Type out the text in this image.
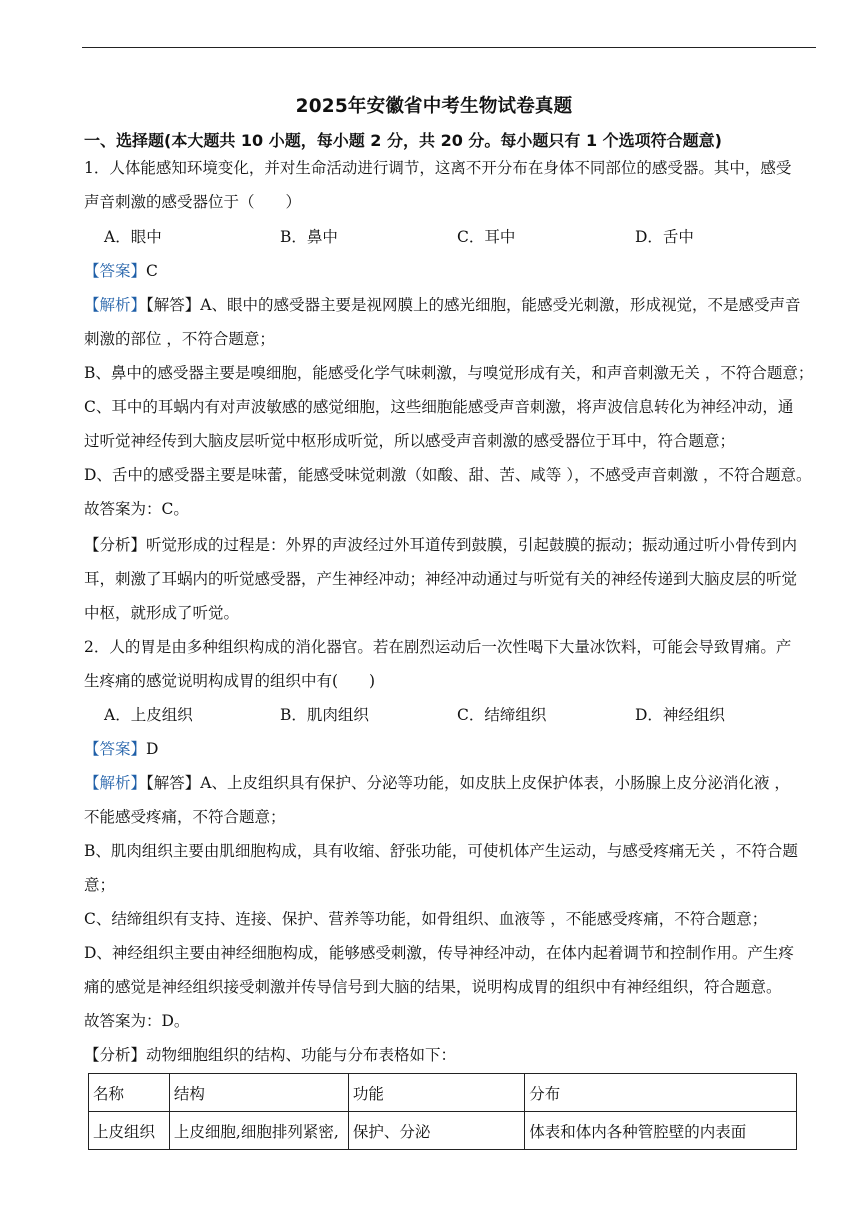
2025年安徽省中考生物试卷真题
一、选择题(本大题共 10 小题，每小题 2 分，共 20 分。每小题只有 1 个选项符合题意)
1．人体能感知环境变化，并对生命活动进行调节，这离不开分布在身体不同部位的感受器。其中，感受
声音刺激的感受器位于（　　）
A．眼中	B．鼻中	C．耳中	D．舌中
【答案】C
【解析】【解答】A、眼中的感受器主要是视网膜上的感光细胞，能感受光刺激，形成视觉，不是感受声音
刺激的部位 ，不符合题意；
B、鼻中的感受器主要是嗅细胞，能感受化学气味刺激，与嗅觉形成有关，和声音刺激无关 ，不符合题意；
C、耳中的耳蜗内有对声波敏感的感觉细胞，这些细胞能感受声音刺激，将声波信息转化为神经冲动，通
过听觉神经传到大脑皮层听觉中枢形成听觉，所以感受声音刺激的感受器位于耳中，符合题意；
D、舌中的感受器主要是味蕾，能感受味觉刺激（如酸、甜、苦、咸等 ），不感受声音刺激 ，不符合题意。
故答案为：C。
【分析】听觉形成的过程是：外界的声波经过外耳道传到鼓膜，引起鼓膜的振动；振动通过听小骨传到内
耳，刺激了耳蜗内的听觉感受器，产生神经冲动；神经冲动通过与听觉有关的神经传递到大脑皮层的听觉
中枢，就形成了听觉。
2．人的胃是由多种组织构成的消化器官。若在剧烈运动后一次性喝下大量冰饮料，可能会导致胃痛。产
生疼痛的感觉说明构成胃的组织中有(　　)
A．上皮组织	B．肌肉组织	C．结缔组织	D．神经组织
【答案】D
【解析】【解答】A、上皮组织具有保护、分泌等功能，如皮肤上皮保护体表，小肠腺上皮分泌消化液 ，
不能感受疼痛，不符合题意；
B、肌肉组织主要由肌细胞构成，具有收缩、舒张功能，可使机体产生运动，与感受疼痛无关 ，不符合题
意；
C、结缔组织有支持、连接、保护、营养等功能，如骨组织、血液等 ，不能感受疼痛，不符合题意；
D、神经组织主要由神经细胞构成，能够感受刺激，传导神经冲动，在体内起着调节和控制作用。产生疼
痛的感觉是神经组织接受刺激并传导信号到大脑的结果，说明构成胃的组织中有神经组织，符合题意。
故答案为：D。
【分析】动物细胞组织的结构、功能与分布表格如下：
名称	结构	功能	分布
上皮组织	上皮细胞,细胞排列紧密,	保护、分泌	体表和体内各种管腔壁的内表面
